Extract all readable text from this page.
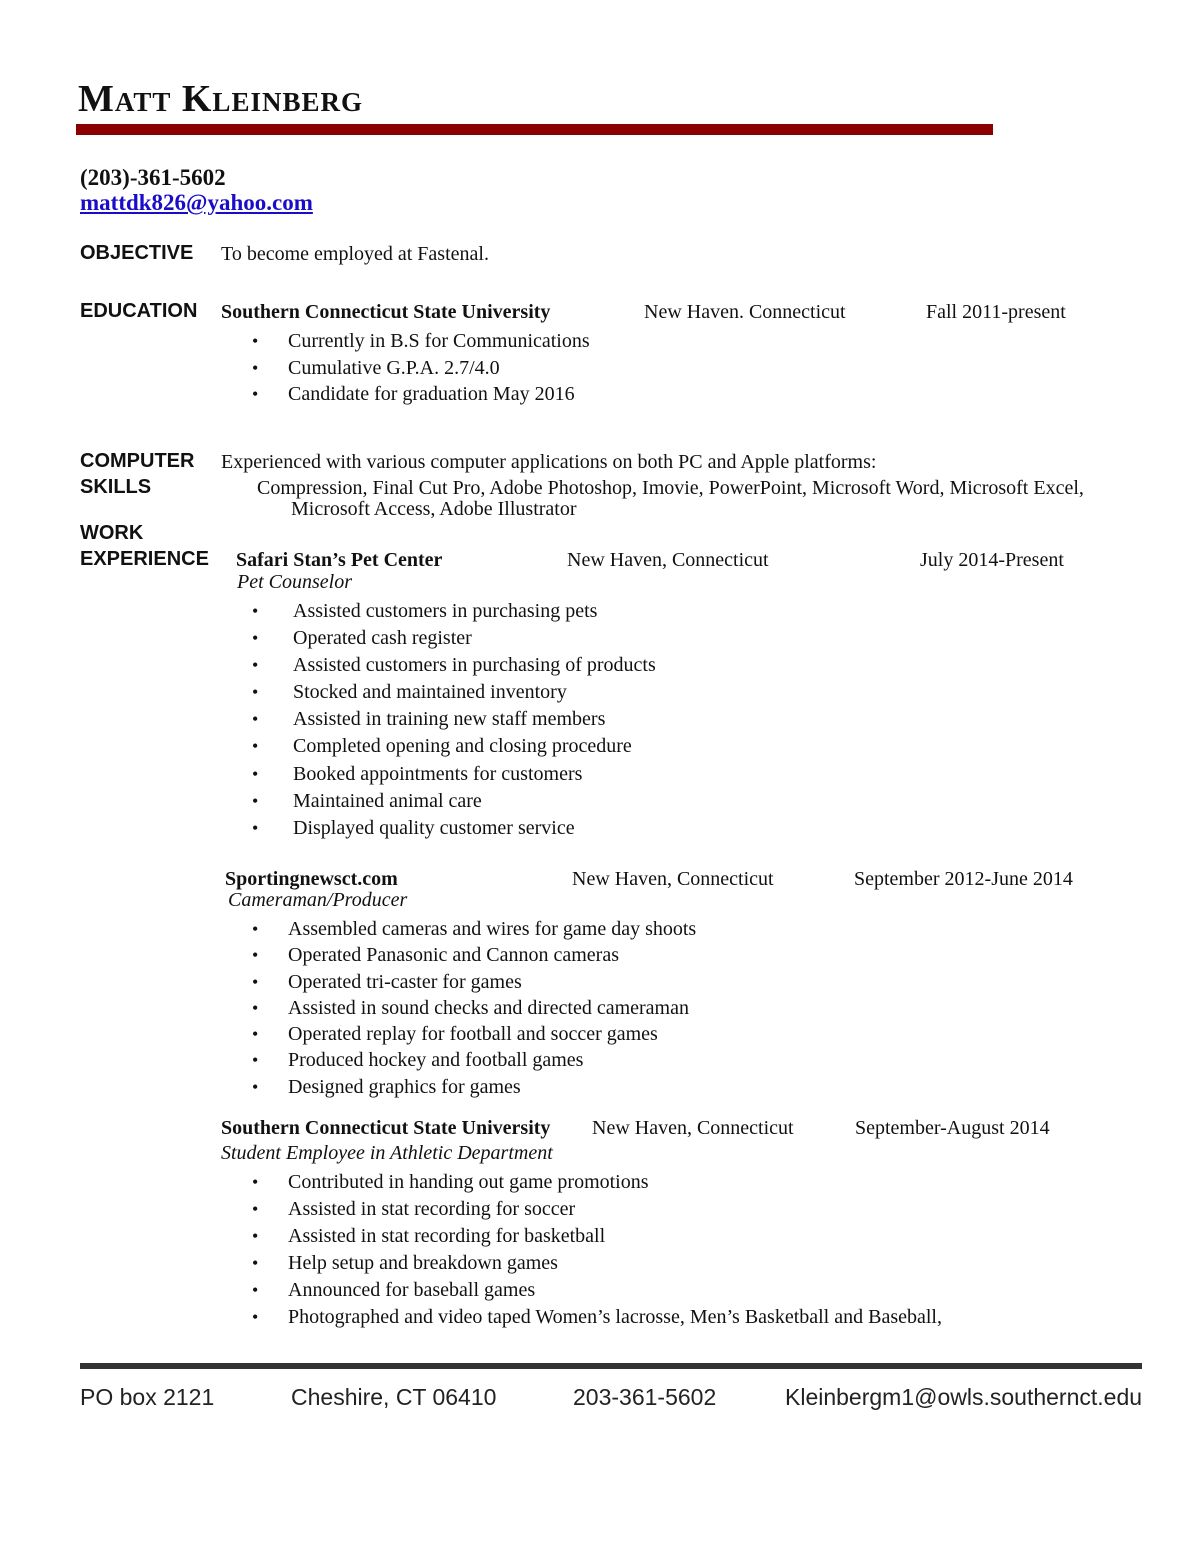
Matt Kleinberg
(203)-361-5602
mattdk826@yahoo.com
OBJECTIVE To become employed at Fastenal.
EDUCATION Southern Connecticut State University	New Haven. Connecticut	Fall 2011-present
• Currently in B.S for Communications
• Cumulative G.P.A. 2.7/4.0
• Candidate for graduation May 2016
COMPUTER
SKILLS
Experienced with various computer applications on both PC and Apple platforms:
Compression, Final Cut Pro, Adobe Photoshop, Imovie, PowerPoint, Microsoft Word, Microsoft Excel,
Microsoft Access, Adobe Illustrator
WORK
EXPERIENCE Safari Stan’s Pet Center	New Haven, Connecticut	July 2014-Present
Pet Counselor
• Assisted customers in purchasing pets
• Operated cash register
• Assisted customers in purchasing of products
• Stocked and maintained inventory
• Assisted in training new staff members
• Completed opening and closing procedure
• Booked appointments for customers
• Maintained animal care
• Displayed quality customer service
Sportingnewsct.com	New Haven, Connecticut	September 2012-June 2014
Cameraman/Producer
• Assembled cameras and wires for game day shoots
• Operated Panasonic and Cannon cameras
• Operated tri-caster for games
• Assisted in sound checks and directed cameraman
• Operated replay for football and soccer games
• Produced hockey and football games
• Designed graphics for games
Southern Connecticut State University New Haven, Connecticut	September-August 2014
Student Employee in Athletic Department
• Contributed in handing out game promotions
• Assisted in stat recording for soccer
• Assisted in stat recording for basketball
• Help setup and breakdown games
• Announced for baseball games
• Photographed and video taped Women’s lacrosse, Men’s Basketball and Baseball,
PO box 2121	Cheshire, CT 06410	203-361-5602	Kleinbergm1@owls.southernct.edu
